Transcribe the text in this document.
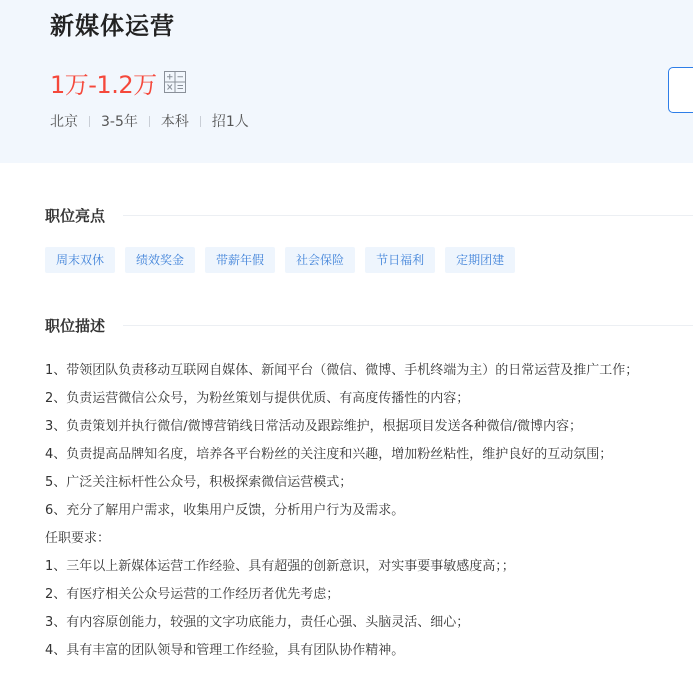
新媒体运营
1万-1.2万
北京 3-5年 本科 招1人
职位亮点
周末双休	绩效奖金	带薪年假	社会保险	节日福利	定期团建
职位描述
1、带领团队负责移动互联网自媒体、新闻平台（微信、微博、手机终端为主）的日常运营及推广工作；
2、负责运营微信公众号，为粉丝策划与提供优质、有高度传播性的内容；
3、负责策划并执行微信/微博营销线日常活动及跟踪维护，根据项目发送各种微信/微博内容；
4、负责提高品牌知名度，培养各平台粉丝的关注度和兴趣，增加粉丝粘性，维护良好的互动氛围；
5、广泛关注标杆性公众号，积极探索微信运营模式；
6、充分了解用户需求，收集用户反馈，分析用户行为及需求。
任职要求：
1、三年以上新媒体运营工作经验、具有超强的创新意识，对实事要事敏感度高；；
2、有医疗相关公众号运营的工作经历者优先考虑；
3、有内容原创能力，较强的文字功底能力，责任心强、头脑灵活、细心；
4、具有丰富的团队领导和管理工作经验，具有团队协作精神。
